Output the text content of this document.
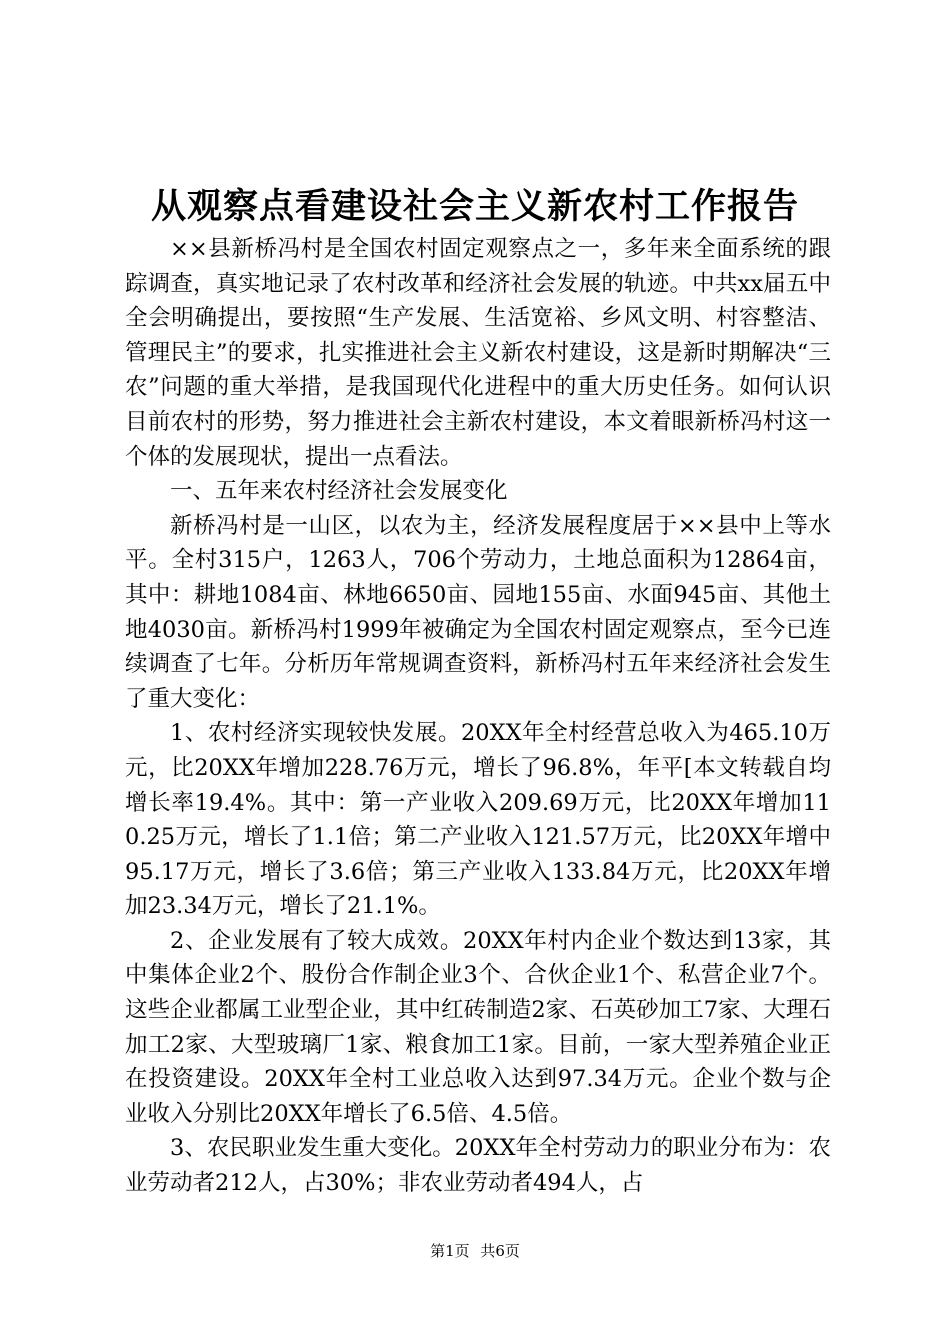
从观察点看建设社会主义新农村工作报告

××县新桥冯村是全国农村固定观察点之一，多年来全面系统的跟踪调查，真实地记录了农村改革和经济社会发展的轨迹。中共xx届五中全会明确提出，要按照“生产发展、生活宽裕、乡风文明、村容整洁、管理民主”的要求，扎实推进社会主义新农村建设，这是新时期解决“三农”问题的重大举措，是我国现代化进程中的重大历史任务。如何认识目前农村的形势，努力推进社会主新农村建设，本文着眼新桥冯村这一个体的发展现状，提出一点看法。

一、五年来农村经济社会发展变化

新桥冯村是一山区，以农为主，经济发展程度居于××县中上等水平。全村315户，1263人，706个劳动力，土地总面积为12864亩，其中：耕地1084亩、林地6650亩、园地155亩、水面945亩、其他土地4030亩。新桥冯村1999年被确定为全国农村固定观察点，至今已连续调查了七年。分析历年常规调查资料，新桥冯村五年来经济社会发生了重大变化：

1、农村经济实现较快发展。20XX年全村经营总收入为465.10万元，比20XX年增加228.76万元，增长了96.8%，年平[本文转载自均增长率19.4%。其中：第一产业收入209.69万元，比20XX年增加110.25万元，增长了1.1倍；第二产业收入121.57万元，比20XX年增中95.17万元，增长了3.6倍；第三产业收入133.84万元，比20XX年增加23.34万元，增长了21.1%。

2、企业发展有了较大成效。20XX年村内企业个数达到13家，其中集体企业2个、股份合作制企业3个、合伙企业1个、私营企业7个。这些企业都属工业型企业，其中红砖制造2家、石英砂加工7家、大理石加工2家、大型玻璃厂1家、粮食加工1家。目前，一家大型养殖企业正在投资建设。20XX年全村工业总收入达到97.34万元。企业个数与企业收入分别比20XX年增长了6.5倍、4.5倍。

3、农民职业发生重大变化。20XX年全村劳动力的职业分布为：农业劳动者212人，占30%；非农业劳动者494人，占

第1页 共6页
